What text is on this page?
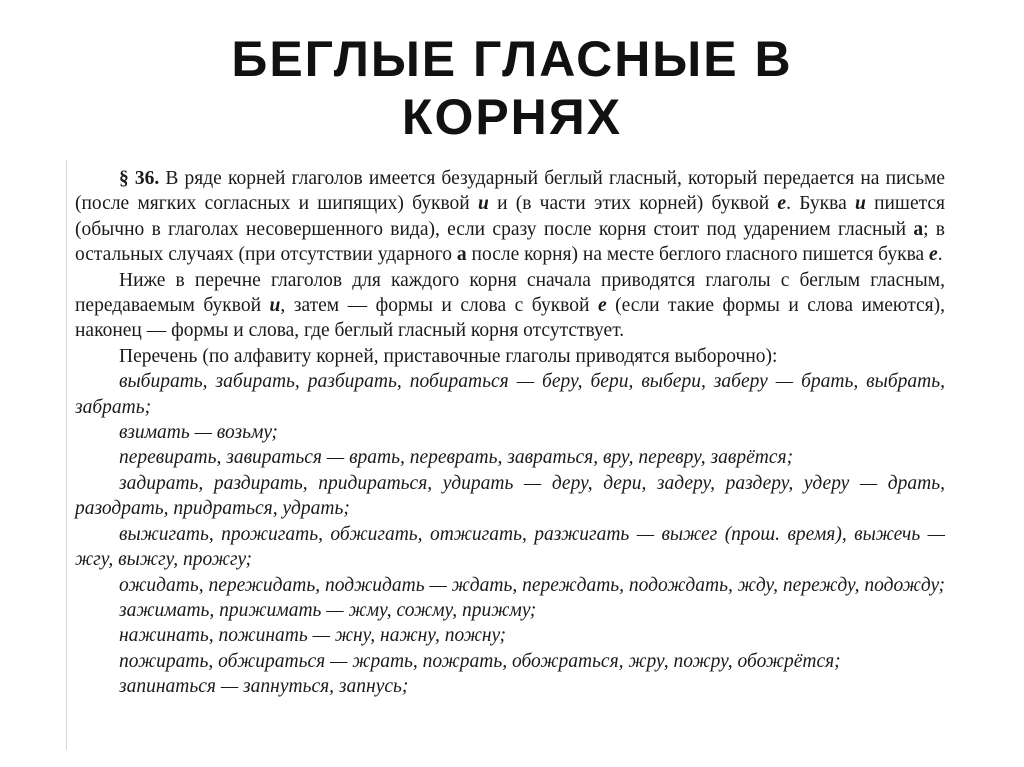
БЕГЛЫЕ ГЛАСНЫЕ В
КОРНЯХ

§ 36. В ряде корней глаголов имеется безударный беглый гласный, который передается на письме (после мягких согласных и шипящих) буквой и и (в части этих корней) буквой е. Буква и пишется (обычно в глаголах несовершенного вида), если сразу после корня стоит под ударением гласный а; в остальных случаях (при отсутствии ударного а после корня) на месте беглого гласного пишется буква е.

Ниже в перечне глаголов для каждого корня сначала приводятся глаголы с беглым гласным, передаваемым буквой и, затем — формы и слова с буквой е (если такие формы и слова имеются), наконец — формы и слова, где беглый гласный корня отсутствует.

Перечень (по алфавиту корней, приставочные глаголы приводятся выборочно):

выбирать, забирать, разбирать, побираться — беру, бери, выбери, заберу — брать, выбрать, забрать;

взимать — возьму;

перевирать, завираться — врать, переврать, завраться, вру, перевру, заврётся;

задирать, раздирать, придираться, удирать — деру, дери, задеру, раздеру, удеру — драть, разодрать, придраться, удрать;

выжигать, прожигать, обжигать, отжигать, разжигать — выжег (прош. время), выжечь — жгу, выжгу, прожгу;

ожидать, пережидать, поджидать — ждать, переждать, подождать, жду, пережду, подожду;

зажимать, прижимать — жму, сожму, прижму;

нажинать, пожинать — жну, нажну, пожну;

пожирать, обжираться — жрать, пожрать, обожраться, жру, пожру, обожрётся;

запинаться — запнуться, запнусь;
